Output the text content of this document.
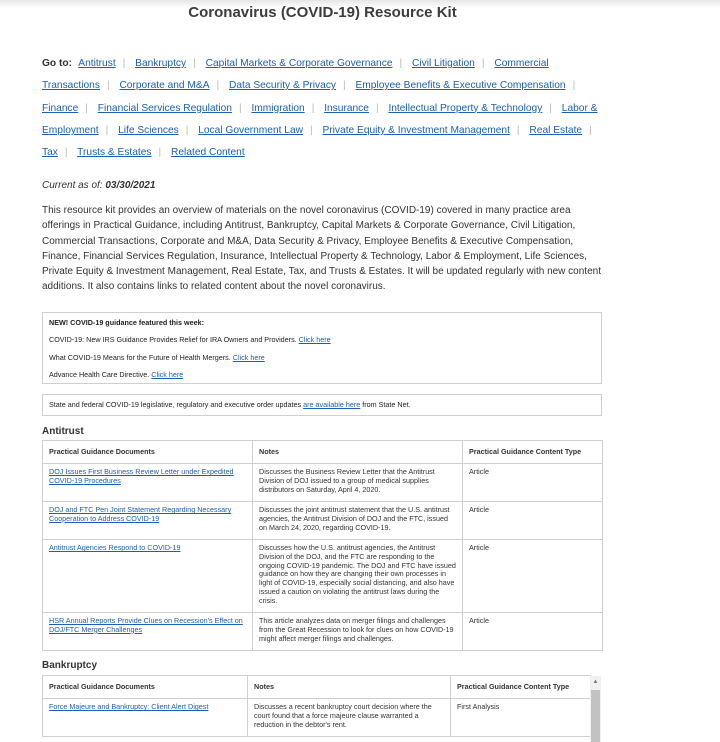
Coronavirus (COVID-19) Resource Kit
Go to: Antitrust | Bankruptcy | Capital Markets & Corporate Governance | Civil Litigation | Commercial Transactions | Corporate and M&A | Data Security & Privacy | Employee Benefits & Executive Compensation | Finance | Financial Services Regulation | Immigration | Insurance | Intellectual Property & Technology | Labor & Employment | Life Sciences | Local Government Law | Private Equity & Investment Management | Real Estate | Tax | Trusts & Estates | Related Content
Current as of: 03/30/2021
This resource kit provides an overview of materials on the novel coronavirus (COVID-19) covered in many practice area offerings in Practical Guidance, including Antitrust, Bankruptcy, Capital Markets & Corporate Governance, Civil Litigation, Commercial Transactions, Corporate and M&A, Data Security & Privacy, Employee Benefits & Executive Compensation, Finance, Financial Services Regulation, Insurance, Intellectual Property & Technology, Labor & Employment, Life Sciences, Private Equity & Investment Management, Real Estate, Tax, and Trusts & Estates. It will be updated regularly with new content additions. It also contains links to related content about the novel coronavirus.
NEW! COVID-19 guidance featured this week:
COVID-19: New IRS Guidance Provides Relief for IRA Owners and Providers. Click here
What COVID-19 Means for the Future of Health Mergers. Click here
Advance Health Care Directive. Click here
State and federal COVID-19 legislative, regulatory and executive order updates are available here from State Net.
Antitrust
Practical Guidance Documents	Notes	Practical Guidance Content Type
DOJ Issues First Business Review Letter under Expedited COVID-19 Procedures	Discusses the Business Review Letter that the Antitrust Division of DOJ issued to a group of medical supplies distributors on Saturday, April 4, 2020.	Article
DOJ and FTC Pen Joint Statement Regarding Necessary Cooperation to Address COVID-19	Discusses the joint antitrust statement that the U.S. antitrust agencies, the Antitrust Division of DOJ and the FTC, issued on March 24, 2020, regarding COVID-19.	Article
Antitrust Agencies Respond to COVID-19	Discusses how the U.S. antitrust agencies, the Antitrust Division of the DOJ, and the FTC are responding to the ongoing COVID-19 pandemic. The DOJ and FTC have issued guidance on how they are changing their own processes in light of COVID-19, especially social distancing, and also have issued a caution on violating the antitrust laws during the crisis.	Article
HSR Annual Reports Provide Clues on Recession's Effect on DOJ/FTC Merger Challenges	This article analyzes data on merger filings and challenges from the Great Recession to look for clues on how COVID-19 might affect merger filings and challenges.	Article
Bankruptcy
Practical Guidance Documents	Notes	Practical Guidance Content Type
Force Majeure and Bankruptcy: Client Alert Digest	Discusses a recent bankruptcy court decision where the court found that a force majeure clause warranted a reduction in the debtor's rent.	First Analysis
▲
